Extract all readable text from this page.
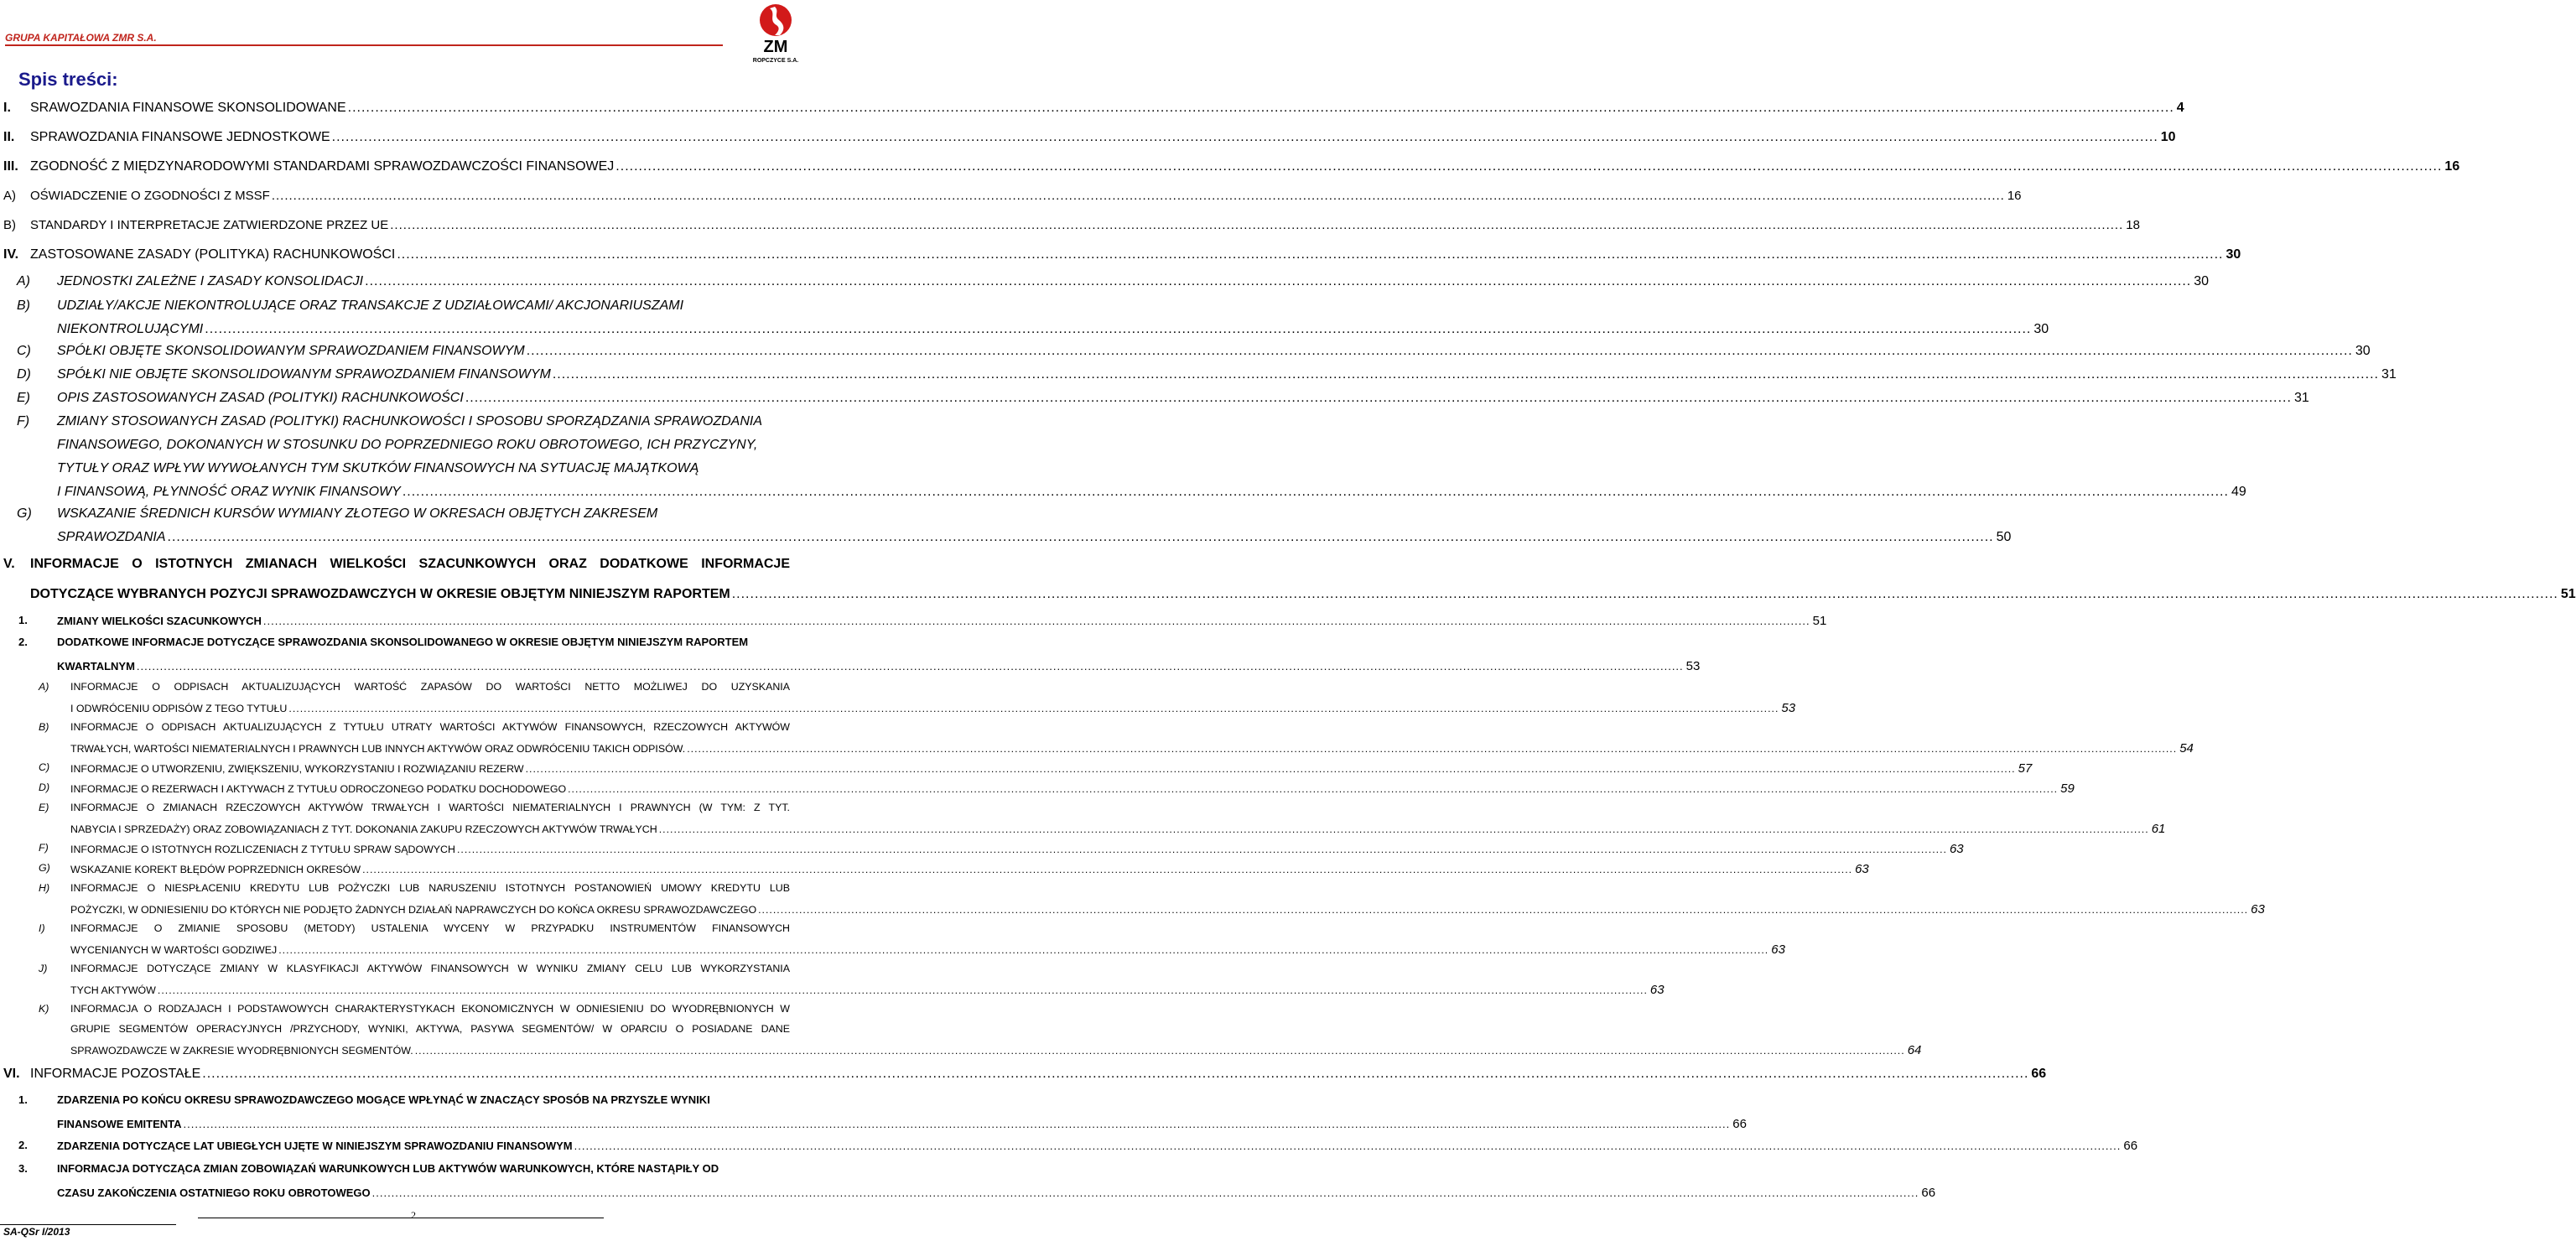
GRUPA KAPITAŁOWA ZMR S.A.	ZM
ROPCZYCE S.A.
Spis treści:
I. SRAWOZDANIA FINANSOWE SKONSOLIDOWANE ................................................................................................................................................................................................................................................................................................................................................................................................................ 4
II. SPRAWOZDANIA FINANSOWE JEDNOSTKOWE ................................................................................................................................................................................................................................................................................................................................................................................................................ 10
III. ZGODNOŚĆ Z MIĘDZYNARODOWYMI STANDARDAMI SPRAWOZDAWCZOŚCI FINANSOWEJ ................................................................................................................................................................................................................................................................................................................................................................................................................ 16
A) OŚWIADCZENIE O ZGODNOŚCI Z MSSF ................................................................................................................................................................................................................................................................................................................................................................................................................ 16
B) STANDARDY I INTERPRETACJE ZATWIERDZONE PRZEZ UE ................................................................................................................................................................................................................................................................................................................................................................................................................ 18
IV. ZASTOSOWANE ZASADY (POLITYKA) RACHUNKOWOŚCI ................................................................................................................................................................................................................................................................................................................................................................................................................ 30
A) JEDNOSTKI ZALEŻNE I ZASADY KONSOLIDACJI ................................................................................................................................................................................................................................................................................................................................................................................................................ 30
B) UDZIAŁY/AKCJE NIEKONTROLUJĄCE ORAZ TRANSAKCJE Z UDZIAŁOWCAMI/ AKCJONARIUSZAMI
NIEKONTROLUJĄCYMI ................................................................................................................................................................................................................................................................................................................................................................................................................ 30
C) SPÓŁKI OBJĘTE SKONSOLIDOWANYM SPRAWOZDANIEM FINANSOWYM ................................................................................................................................................................................................................................................................................................................................................................................................................ 30
D) SPÓŁKI NIE OBJĘTE SKONSOLIDOWANYM SPRAWOZDANIEM FINANSOWYM ................................................................................................................................................................................................................................................................................................................................................................................................................ 31
E) OPIS ZASTOSOWANYCH ZASAD (POLITYKI) RACHUNKOWOŚCI ................................................................................................................................................................................................................................................................................................................................................................................................................ 31
F) ZMIANY STOSOWANYCH ZASAD (POLITYKI) RACHUNKOWOŚCI I SPOSOBU SPORZĄDZANIA SPRAWOZDANIA
FINANSOWEGO, DOKONANYCH W STOSUNKU DO POPRZEDNIEGO ROKU OBROTOWEGO, ICH PRZYCZYNY,
TYTUŁY ORAZ WPŁYW WYWOŁANYCH TYM SKUTKÓW FINANSOWYCH NA SYTUACJĘ MAJĄTKOWĄ
I FINANSOWĄ, PŁYNNOŚĆ ORAZ WYNIK FINANSOWY ................................................................................................................................................................................................................................................................................................................................................................................................................ 49
G) WSKAZANIE ŚREDNICH KURSÓW WYMIANY ZŁOTEGO W OKRESACH OBJĘTYCH ZAKRESEM
SPRAWOZDANIA ................................................................................................................................................................................................................................................................................................................................................................................................................ 50
V. INFORMACJE O ISTOTNYCH ZMIANACH WIELKOŚCI SZACUNKOWYCH ORAZ DODATKOWE INFORMACJE
DOTYCZĄCE WYBRANYCH POZYCJI SPRAWOZDAWCZYCH W OKRESIE OBJĘTYM NINIEJSZYM RAPORTEM ................................................................................................................................................................................................................................................................................................................................................................................................................ 51
1.	ZMIANY WIELKOŚCI SZACUNKOWYCH ................................................................................................................................................................................................................................................................................................................................................................................................................ 51
2.	DODATKOWE INFORMACJE DOTYCZĄCE SPRAWOZDANIA SKONSOLIDOWANEGO W OKRESIE OBJĘTYM NINIEJSZYM RAPORTEM
KWARTALNYM ................................................................................................................................................................................................................................................................................................................................................................................................................ 53
A) INFORMACJE O ODPISACH AKTUALIZUJĄCYCH WARTOŚĆ ZAPASÓW DO WARTOŚCI NETTO MOŻLIWEJ DO UZYSKANIA
I ODWRÓCENIU ODPISÓW Z TEGO TYTUŁU ................................................................................................................................................................................................................................................................................................................................................................................................................ 53
B) INFORMACJE O ODPISACH AKTUALIZUJĄCYCH Z TYTUŁU UTRATY WARTOŚCI AKTYWÓW FINANSOWYCH, RZECZOWYCH AKTYWÓW
TRWAŁYCH, WARTOŚCI NIEMATERIALNYCH I PRAWNYCH LUB INNYCH AKTYWÓW ORAZ ODWRÓCENIU TAKICH ODPISÓW. ................................................................................................................................................................................................................................................................................................................................................................................................................ 54
C) INFORMACJE O UTWORZENIU, ZWIĘKSZENIU, WYKORZYSTANIU I ROZWIĄZANIU REZERW ................................................................................................................................................................................................................................................................................................................................................................................................................ 57
D) INFORMACJE O REZERWACH I AKTYWACH Z TYTUŁU ODROCZONEGO PODATKU DOCHODOWEGO ................................................................................................................................................................................................................................................................................................................................................................................................................ 59
E) INFORMACJE O ZMIANACH RZECZOWYCH AKTYWÓW TRWAŁYCH I WARTOŚCI NIEMATERIALNYCH I PRAWNYCH (W TYM: Z TYT.
NABYCIA I SPRZEDAŻY) ORAZ ZOBOWIĄZANIACH Z TYT. DOKONANIA ZAKUPU RZECZOWYCH AKTYWÓW TRWAŁYCH ................................................................................................................................................................................................................................................................................................................................................................................................................ 61
F) INFORMACJE O ISTOTNYCH ROZLICZENIACH Z TYTUŁU SPRAW SĄDOWYCH ................................................................................................................................................................................................................................................................................................................................................................................................................ 63
G) WSKAZANIE KOREKT BŁĘDÓW POPRZEDNICH OKRESÓW ................................................................................................................................................................................................................................................................................................................................................................................................................ 63
H) INFORMACJE O NIESPŁACENIU KREDYTU LUB POŻYCZKI LUB NARUSZENIU ISTOTNYCH POSTANOWIEŃ UMOWY KREDYTU LUB
POŻYCZKI, W ODNIESIENIU DO KTÓRYCH NIE PODJĘTO ŻADNYCH DZIAŁAŃ NAPRAWCZYCH DO KOŃCA OKRESU SPRAWOZDAWCZEGO ................................................................................................................................................................................................................................................................................................................................................................................................................ 63
I) INFORMACJE O ZMIANIE SPOSOBU (METODY) USTALENIA WYCENY W PRZYPADKU INSTRUMENTÓW FINANSOWYCH
WYCENIANYCH W WARTOŚCI GODZIWEJ ................................................................................................................................................................................................................................................................................................................................................................................................................ 63
J) INFORMACJE DOTYCZĄCE ZMIANY W KLASYFIKACJI AKTYWÓW FINANSOWYCH W WYNIKU ZMIANY CELU LUB WYKORZYSTANIA
TYCH AKTYWÓW ................................................................................................................................................................................................................................................................................................................................................................................................................ 63
K) INFORMACJA O RODZAJACH I PODSTAWOWYCH CHARAKTERYSTYKACH EKONOMICZNYCH W ODNIESIENIU DO WYODRĘBNIONYCH W
GRUPIE SEGMENTÓW OPERACYJNYCH /PRZYCHODY, WYNIKI, AKTYWA, PASYWA SEGMENTÓW/ W OPARCIU O POSIADANE DANE
SPRAWOZDAWCZE W ZAKRESIE WYODRĘBNIONYCH SEGMENTÓW. ................................................................................................................................................................................................................................................................................................................................................................................................................ 64
VI. INFORMACJE POZOSTAŁE ................................................................................................................................................................................................................................................................................................................................................................................................................ 66
1.	ZDARZENIA PO KOŃCU OKRESU SPRAWOZDAWCZEGO MOGĄCE WPŁYNĄĆ W ZNACZĄCY SPOSÓB NA PRZYSZŁE WYNIKI
FINANSOWE EMITENTA ................................................................................................................................................................................................................................................................................................................................................................................................................ 66
2.	ZDARZENIA DOTYCZĄCE LAT UBIEGŁYCH UJĘTE W NINIEJSZYM SPRAWOZDANIU FINANSOWYM ................................................................................................................................................................................................................................................................................................................................................................................................................ 66
3.	INFORMACJA DOTYCZĄCA ZMIAN ZOBOWIĄZAŃ WARUNKOWYCH LUB AKTYWÓW WARUNKOWYCH, KTÓRE NASTĄPIŁY OD
CZASU ZAKOŃCZENIA OSTATNIEGO ROKU OBROTOWEGO ................................................................................................................................................................................................................................................................................................................................................................................................................ 66
2
SA-QSr I/2013
